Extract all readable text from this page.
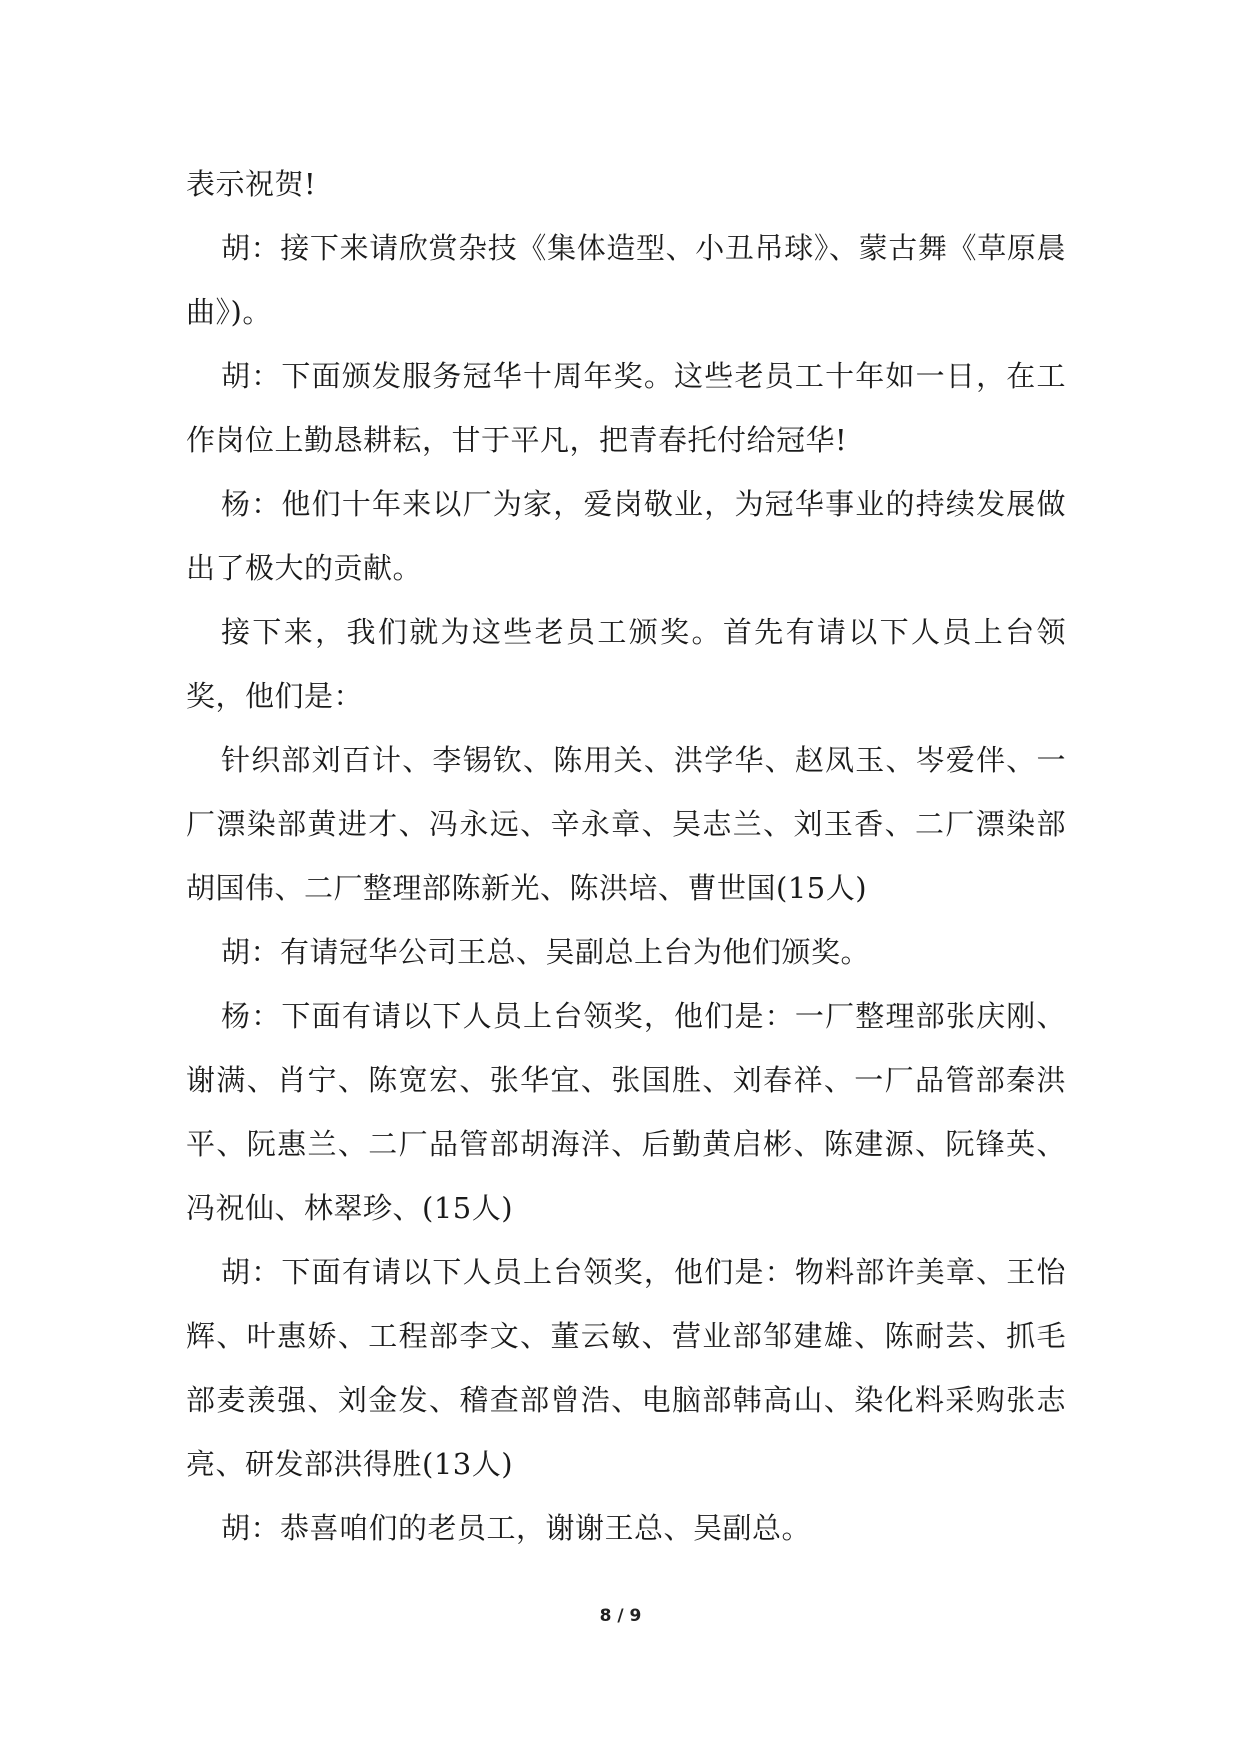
表示祝贺!

胡：接下来请欣赏杂技《集体造型、小丑吊球》、蒙古舞《草原晨曲》)。

胡：下面颁发服务冠华十周年奖。这些老员工十年如一日，在工作岗位上勤恳耕耘，甘于平凡，把青春托付给冠华!

杨：他们十年来以厂为家，爱岗敬业，为冠华事业的持续发展做出了极大的贡献。

接下来，我们就为这些老员工颁奖。首先有请以下人员上台领奖，他们是：

针织部刘百计、李锡钦、陈用关、洪学华、赵凤玉、岑爱伴、一厂漂染部黄进才、冯永远、辛永章、吴志兰、刘玉香、二厂漂染部胡国伟、二厂整理部陈新光、陈洪培、曹世国(15人)

胡：有请冠华公司王总、吴副总上台为他们颁奖。

杨：下面有请以下人员上台领奖，他们是：一厂整理部张庆刚、谢满、肖宁、陈宽宏、张华宜、张国胜、刘春祥、一厂品管部秦洪平、阮惠兰、二厂品管部胡海洋、后勤黄启彬、陈建源、阮锋英、冯祝仙、林翠珍、(15人)

胡：下面有请以下人员上台领奖，他们是：物料部许美章、王怡辉、叶惠娇、工程部李文、董云敏、营业部邹建雄、陈耐芸、抓毛部麦羡强、刘金发、稽查部曾浩、电脑部韩高山、染化料采购张志亮、研发部洪得胜(13人)

胡：恭喜咱们的老员工，谢谢王总、吴副总。

8 / 9
